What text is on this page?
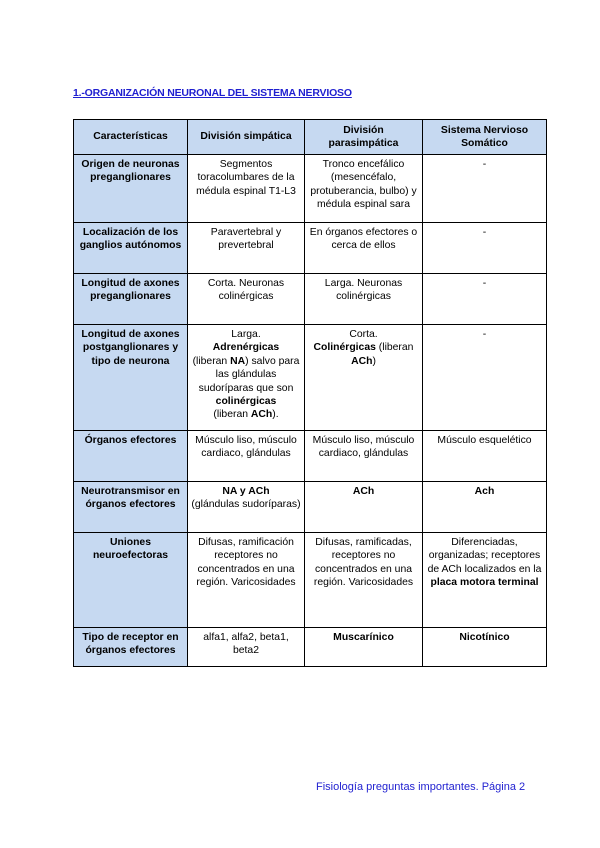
1.-ORGANIZACIÓN NEURONAL DEL SISTEMA NERVIOSO
Características	División simpática	División parasimpática	Sistema Nervioso Somático
Origen de neuronas preganglionares	Segmentos toracolumbares de la médula espinal T1-L3	Tronco encefálico (mesencéfalo, protuberancia, bulbo) y médula espinal sara	-
Localización de los ganglios autónomos	Paravertebral y prevertebral	En órganos efectores o cerca de ellos	-
Longitud de axones preganglionares	Corta. Neuronas colinérgicas	Larga. Neuronas colinérgicas	-
Longitud de axones postganglionares y tipo de neurona	Larga.
Adrenérgicas
(liberan NA) salvo para las glándulas sudoríparas que son colinérgicas
(liberan ACh).	Corta.
Colinérgicas (liberan
ACh)	-
Órganos efectores	Músculo liso, músculo cardiaco, glándulas	Músculo liso, músculo cardiaco, glándulas	Músculo esquelético
Neurotransmisor en órganos efectores	NA y ACh
(glándulas sudoríparas)	ACh	Ach
Uniones neuroefectoras	Difusas, ramificación receptores no concentrados en una región. Varicosidades	Difusas, ramificadas, receptores no concentrados en una región. Varicosidades	Diferenciadas, organizadas; receptores de ACh localizados en la placa motora terminal
Tipo de receptor en órganos efectores	alfa1, alfa2, beta1, beta2	Muscarínico	Nicotínico
Fisiología preguntas importantes. Página 2
